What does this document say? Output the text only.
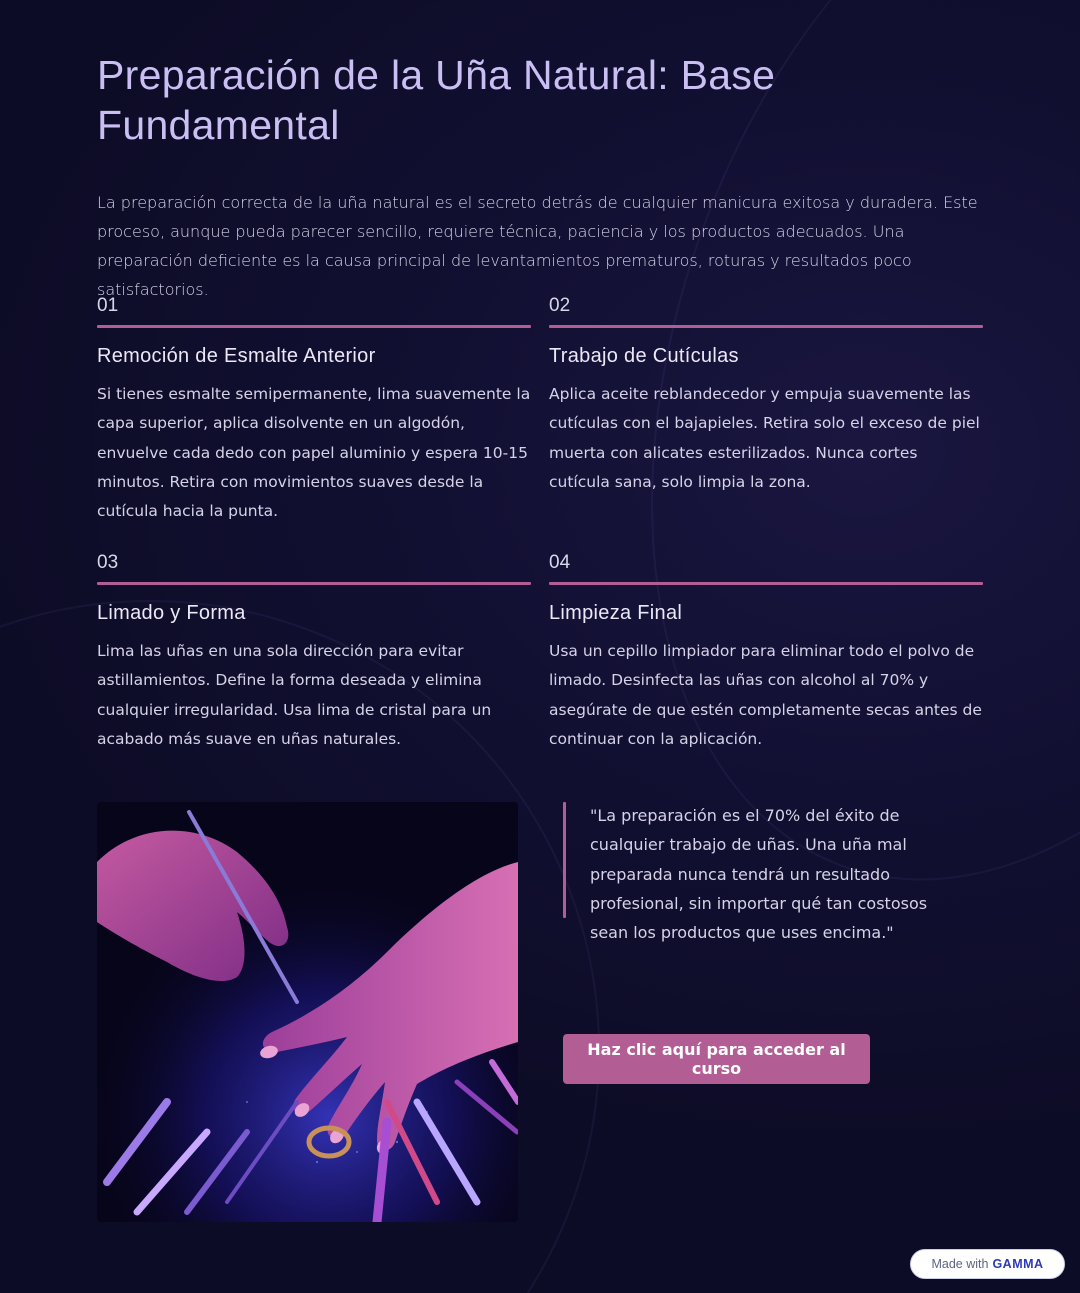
Preparación de la Uña Natural: Base Fundamental

La preparación correcta de la uña natural es el secreto detrás de cualquier manicura exitosa y duradera. Este proceso, aunque pueda parecer sencillo, requiere técnica, paciencia y los productos adecuados. Una preparación deficiente es la causa principal de levantamientos prematuros, roturas y resultados poco satisfactorios.

01
Remoción de Esmalte Anterior
Si tienes esmalte semipermanente, lima suavemente la capa superior, aplica disolvente en un algodón, envuelve cada dedo con papel aluminio y espera 10-15 minutos. Retira con movimientos suaves desde la cutícula hacia la punta.
02
Trabajo de Cutículas
Aplica aceite reblandecedor y empuja suavemente las cutículas con el bajapieles. Retira solo el exceso de piel muerta con alicates esterilizados. Nunca cortes cutícula sana, solo limpia la zona.
03
Limado y Forma
Lima las uñas en una sola dirección para evitar astillamientos. Define la forma deseada y elimina cualquier irregularidad. Usa lima de cristal para un acabado más suave en uñas naturales.
04
Limpieza Final
Usa un cepillo limpiador para eliminar todo el polvo de limado. Desinfecta las uñas con alcohol al 70% y asegúrate de que estén completamente secas antes de continuar con la aplicación.
"La preparación es el 70% del éxito de cualquier trabajo de uñas. Una uña mal preparada nunca tendrá un resultado profesional, sin importar qué tan costosos sean los productos que uses encima."
Haz clic aquí para acceder al curso
Made with GAMMA
